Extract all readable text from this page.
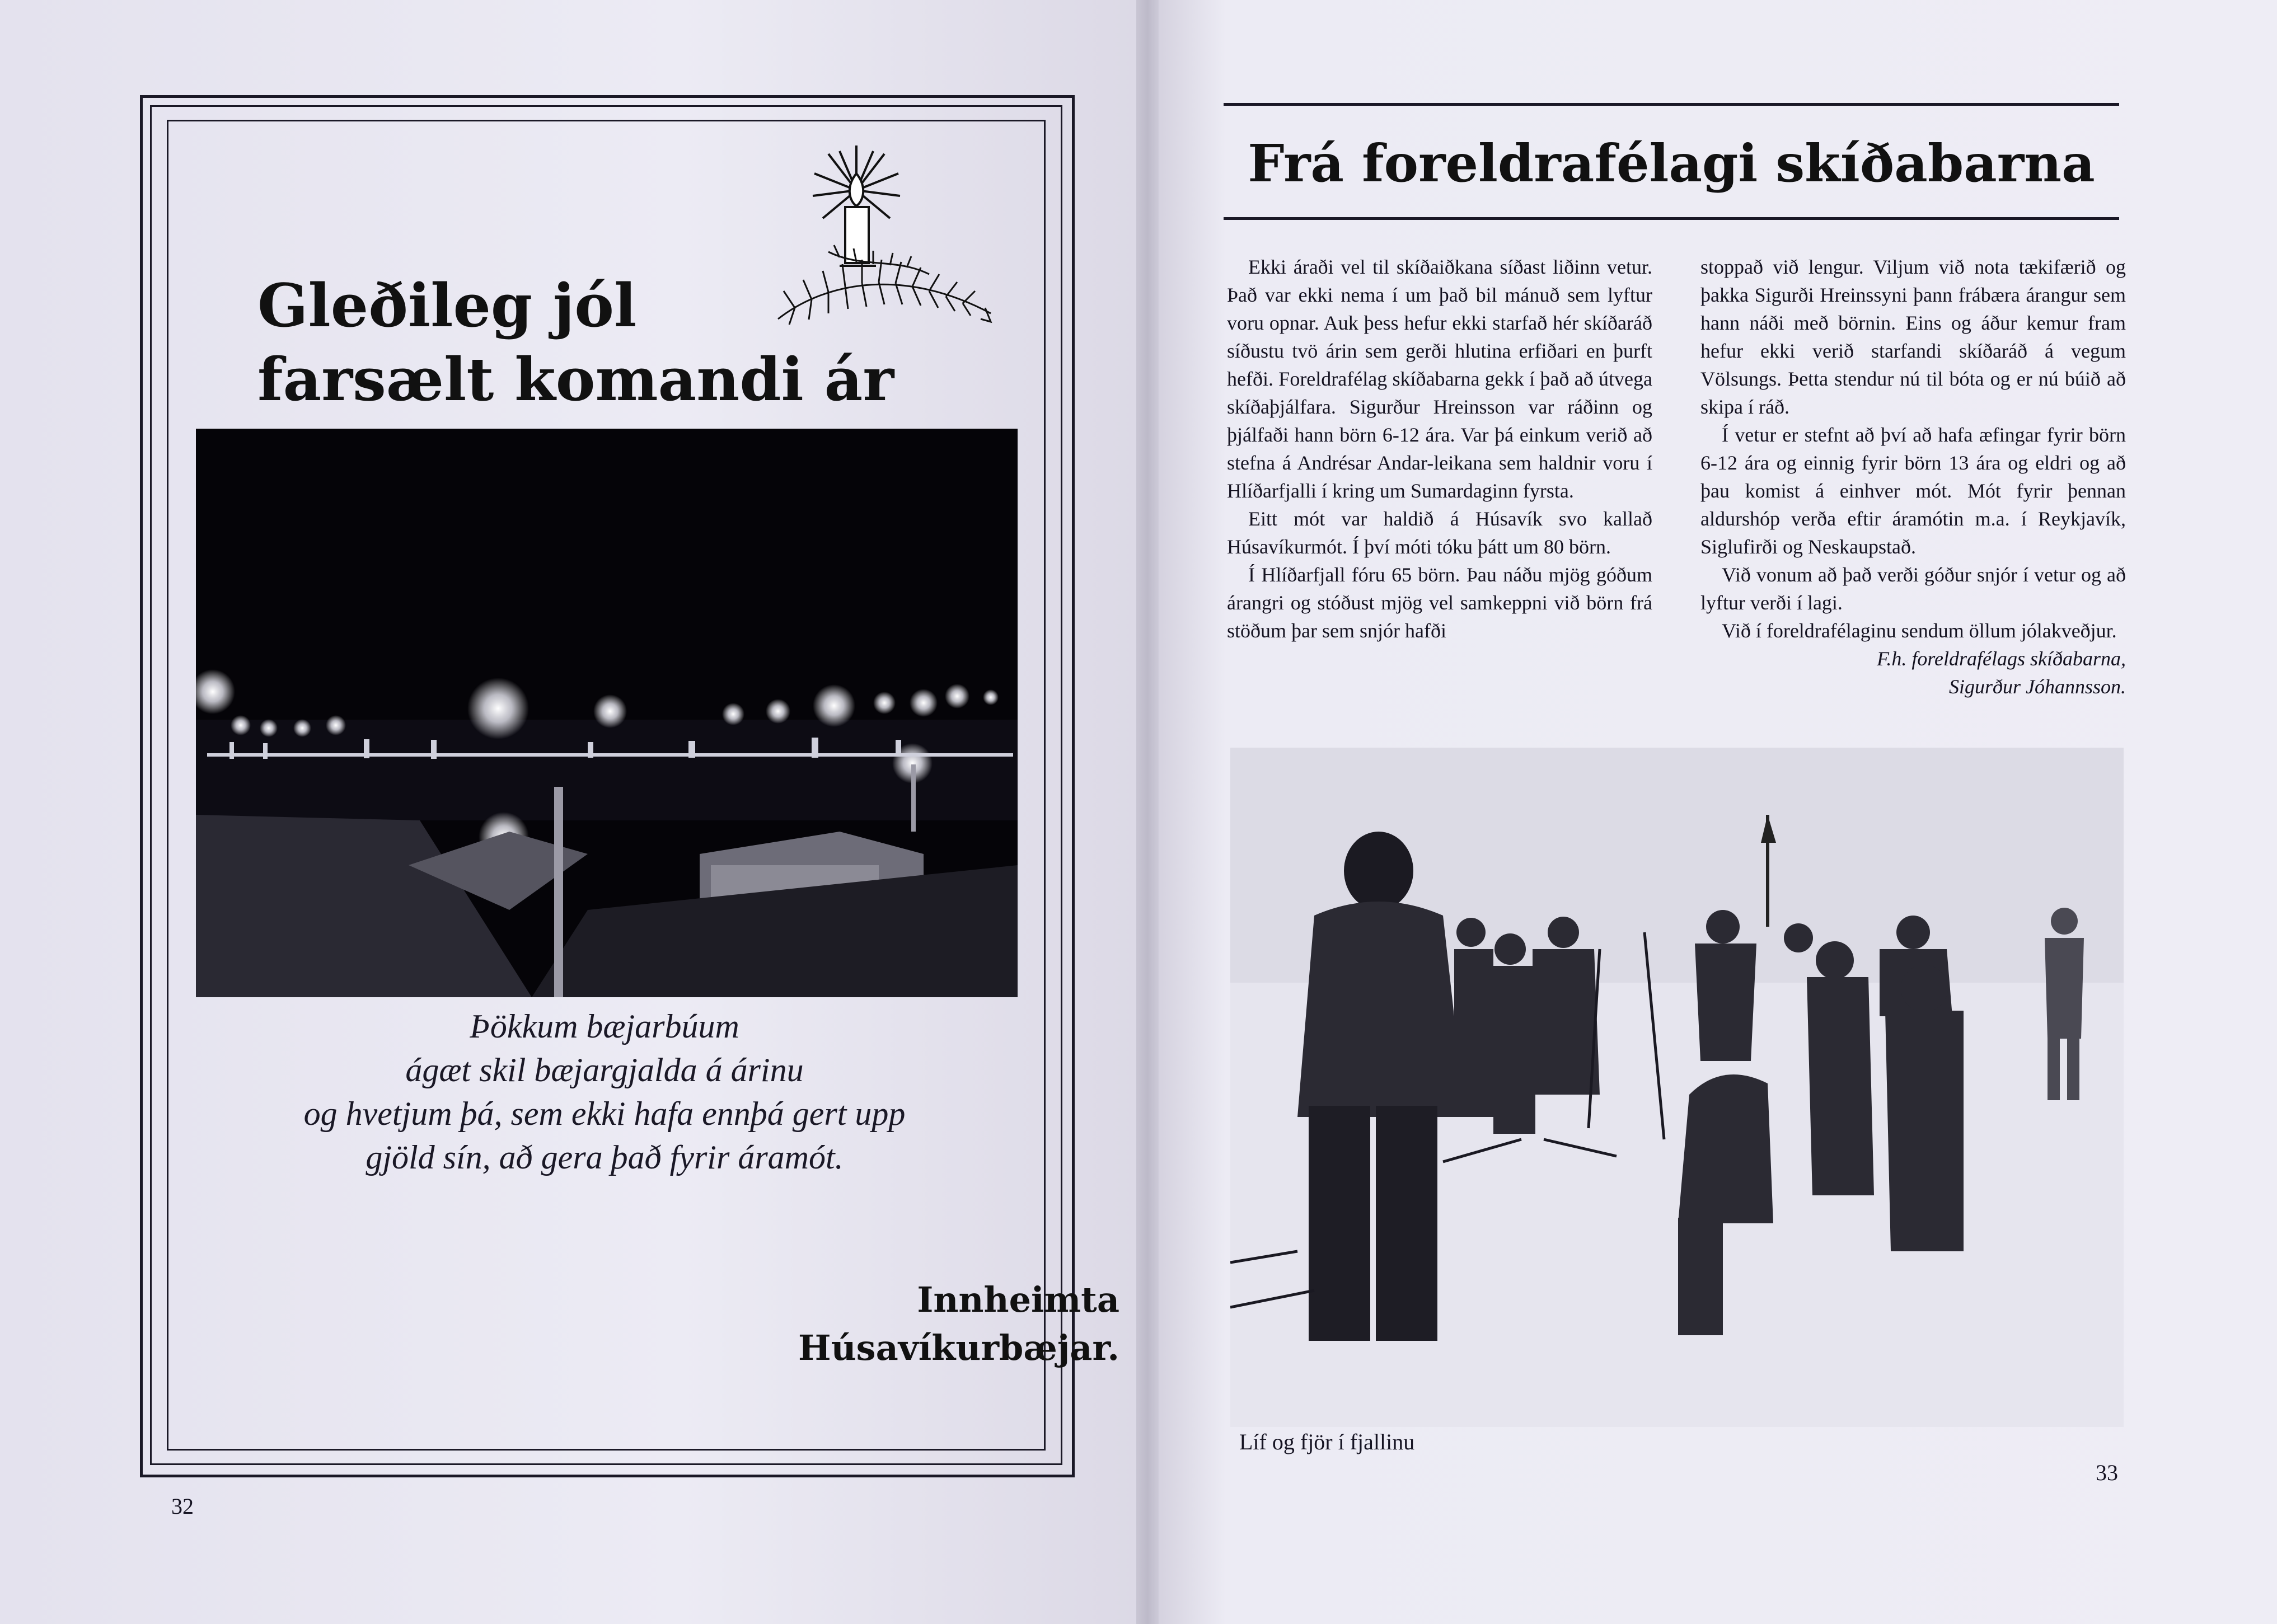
Gleðileg jól
farsælt komandi ár
Þökkum bæjarbúum
ágæt skil bæjargjalda á árinu
og hvetjum þá, sem ekki hafa ennþá gert upp
gjöld sín, að gera það fyrir áramót.
Innheimta
Húsavíkurbæjar.
32
Frá foreldrafélagi skíðabarna

Ekki áraði vel til skíðaiðkana síðast liðinn vetur. Það var ekki nema í um það bil mánuð sem lyftur voru opnar. Auk þess hefur ekki starfað hér skíðaráð síðustu tvö árin sem gerði hlutina erfiðari en þurft hefði. Foreldrafélag skíðabarna gekk í það að útvega skíðaþjálfara. Sigurður Hreinsson var ráðinn og þjálfaði hann börn 6-12 ára. Var þá einkum verið að stefna á Andrésar Andar-leikana sem haldnir voru í Hlíðarfjalli í kring um Sumardaginn fyrsta.

Eitt mót var haldið á Húsavík svo kallað Húsavíkurmót. Í því móti tóku þátt um 80 börn.

Í Hlíðarfjall fóru 65 börn. Þau náðu mjög góðum árangri og stóðust mjög vel samkeppni við börn frá stöðum þar sem snjór hafði

stoppað við lengur. Viljum við nota tækifærið og þakka Sigurði Hreinssyni þann frábæra árangur sem hann náði með börnin. Eins og áður kemur fram hefur ekki verið starfandi skíðaráð á vegum Völsungs. Þetta stendur nú til bóta og er nú búið að skipa í ráð.

Í vetur er stefnt að því að hafa æfingar fyrir börn 6-12 ára og einnig fyrir börn 13 ára og eldri og að þau komist á einhver mót. Mót fyrir þennan aldurshóp verða eftir áramótin m.a. í Reykjavík, Siglufirði og Neskaupstað.

Við vonum að það verði góður snjór í vetur og að lyftur verði í lagi.

Við í foreldrafélaginu sendum öllum jólakveðjur.

F.h. foreldrafélags skíðabarna,
Sigurður Jóhannsson.
Líf og fjör í fjallinu
33
